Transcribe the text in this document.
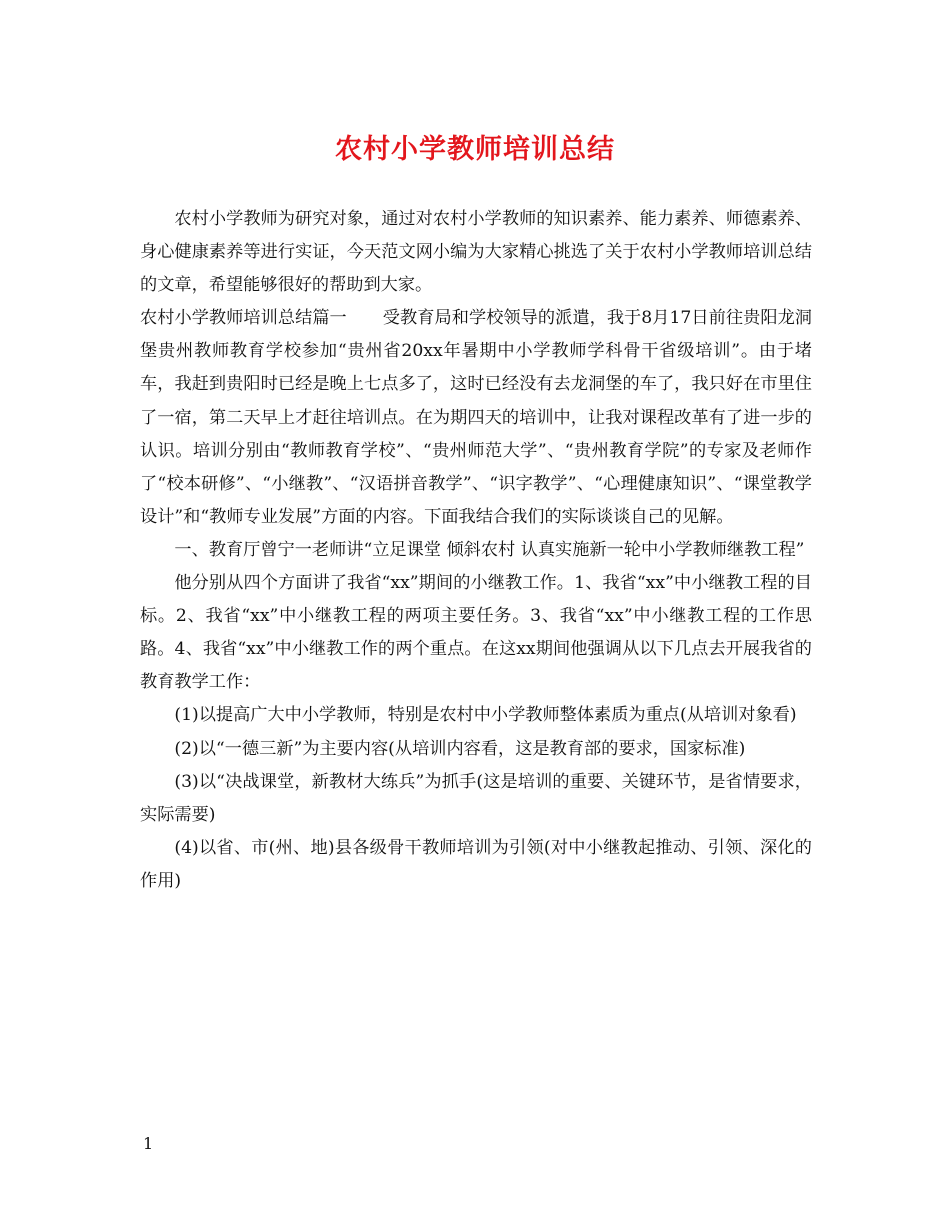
农村小学教师培训总结

农村小学教师为研究对象，通过对农村小学教师的知识素养、能力素养、师德素养、身心健康素养等进行实证，今天范文网小编为大家精心挑选了关于农村小学教师培训总结的文章，希望能够很好的帮助到大家。

农村小学教师培训总结篇一 受教育局和学校领导的派遣，我于8月17日前往贵阳龙洞堡贵州教师教育学校参加“贵州省20xx年暑期中小学教师学科骨干省级培训”。由于堵车，我赶到贵阳时已经是晚上七点多了，这时已经没有去龙洞堡的车了，我只好在市里住了一宿，第二天早上才赶往培训点。在为期四天的培训中，让我对课程改革有了进一步的认识。培训分别由“教师教育学校”、“贵州师范大学”、“贵州教育学院”的专家及老师作了“校本研修”、“小继教”、“汉语拼音教学”、“识字教学”、“心理健康知识”、“课堂教学设计”和“教师专业发展”方面的内容。下面我结合我们的实际谈谈自己的见解。

一、教育厅曾宁一老师讲“立足课堂 倾斜农村 认真实施新一轮中小学教师继教工程”

他分别从四个方面讲了我省“xx”期间的小继教工作。1、我省“xx”中小继教工程的目标。2、我省“xx”中小继教工程的两项主要任务。3、我省“xx”中小继教工程的工作思路。4、我省“xx”中小继教工作的两个重点。在这xx期间他强调从以下几点去开展我省的教育教学工作：

(1)以提高广大中小学教师，特别是农村中小学教师整体素质为重点(从培训对象看)

(2)以“一德三新”为主要内容(从培训内容看，这是教育部的要求，国家标准)

(3)以“决战课堂，新教材大练兵”为抓手(这是培训的重要、关键环节，是省情要求，实际需要)

(4)以省、市(州、地)县各级骨干教师培训为引领(对中小继教起推动、引领、深化的作用)

1
